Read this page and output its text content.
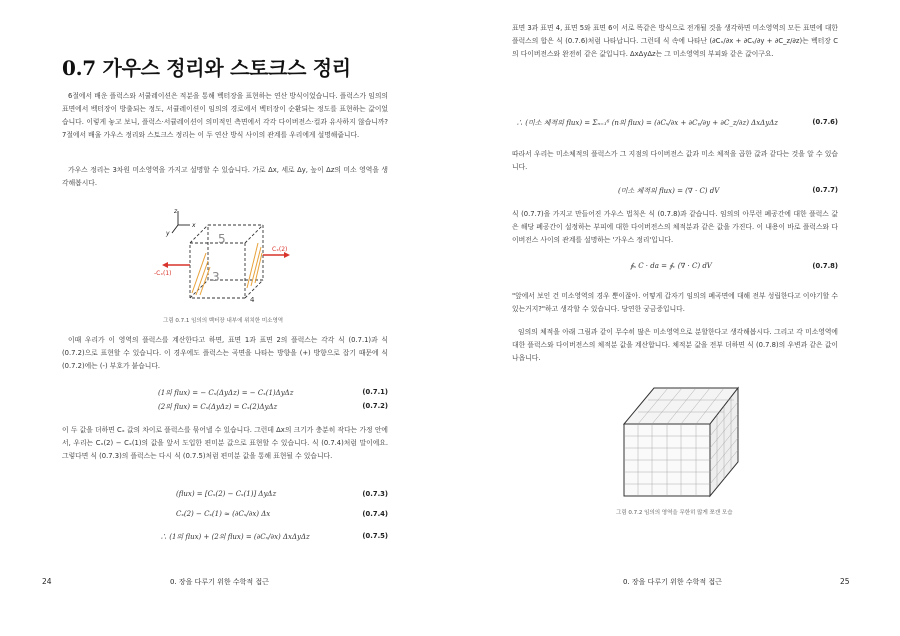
0.7 가우스 정리와 스토크스 정리
6절에서 배운 플럭스와 서큘레이션은 적분을 통해 벡터장을 표현하는 연산 방식이었습니다. 플럭스가 임의의 표면에서 벡터장이 방출되는 정도, 서큘레이션이 임의의 경로에서 벡터장이 순환되는 정도를 표현하는 값이었습니다. 이렇게 놓고 보니, 플럭스·서큘레이션이 의미적인 측면에서 각각 다이버전스·컬과 유사하지 않습니까? 7절에서 배울 가우스 정리와 스토크스 정리는 이 두 연산 방식 사이의 관계를 우리에게 설명해줍니다.
가우스 정리는 3차원 미소영역을 가지고 설명할 수 있습니다. 가로 Δx, 세로 Δy, 높이 Δz의 미소 영역을 생각해봅시다.
z
x
y	5
3
4
Cₓ(2)
-Cₓ(1)
그림 0.7.1 임의의 벡터장 내부에 위치한 미소영역
이때 우리가 이 영역의 플럭스를 계산한다고 하면, 표면 1과 표면 2의 플럭스는 각각 식 (0.7.1)과 식 (0.7.2)으로 표현할 수 있습니다. 이 경우에도 플럭스는 곡면을 나타는 방향을 (+) 방향으로 잡기 때문에 식 (0.7.2)에는 (-) 부호가 붙습니다.
(1의 flux) = − Cₓ(ΔyΔz) = − Cₓ(1)ΔyΔz	(0.7.1)
(2의 flux) = Cₓ(ΔyΔz) = Cₓ(2)ΔyΔz	(0.7.2)
이 두 값을 더하면 Cₓ 값의 차이로 플럭스를 묶어낼 수 있습니다. 그런데 Δx의 크기가 충분히 작다는 가정 안에서, 우리는 Cₓ(2) − Cₓ(1)의 값을 앞서 도입한 편미분 값으로 표현할 수 있습니다. 식 (0.7.4)처럼 말이에요. 그렇다면 식 (0.7.3)의 플럭스는 다시 식 (0.7.5)처럼 편미분 값을 통해 표현될 수 있습니다.
(flux) = [Cₓ(2) − Cₓ(1)] ΔyΔz	(0.7.3)
Cₓ(2) − Cₓ(1) ≈ (∂Cₓ/∂x) Δx	(0.7.4)
∴ (1의 flux) + (2의 flux) = (∂Cₓ/∂x) ΔxΔyΔz	(0.7.5)
24	0. 장을 다루기 위한 수학적 접근
표면 3과 표면 4, 표면 5와 표면 6이 서로 똑같은 방식으로 전개될 것을 생각하면 미소영역의 모든 표면에 대한 플럭스의 합은 식 (0.7.6)처럼 나타납니다. 그런데 식 속에 나타난 (∂Cₓ/∂x + ∂Cᵧ/∂y + ∂C_z/∂z)는 벡터장 C의 다이버전스와 완전히 같은 값입니다. ΔxΔyΔz는 그 미소영역의 부피와 같은 값이구요.
∴ (미소 체적의 flux) = Σₙ₌₁⁶ (n의 flux) = (∂Cₓ/∂x + ∂Cᵧ/∂y + ∂C_z/∂z) ΔxΔyΔz	(0.7.6)
따라서 우리는 미소체적의 플럭스가 그 지점의 다이버전스 값과 미소 체적을 곱한 값과 같다는 것을 알 수 있습니다.
(미소 체적의 flux) = (∇ · C) dV	(0.7.7)
식 (0.7.7)을 가지고 만들어진 가우스 법칙은 식 (0.7.8)과 같습니다. 임의의 아무런 폐공간에 대한 플럭스 값은 해당 폐공간이 설정하는 부피에 대한 다이버전스의 체적분과 같은 값을 가진다. 이 내용이 바로 플럭스와 다이버전스 사이의 관계를 설명하는 '가우스 정리'입니다.
∮ₛ C · da = ∮ᵥ (∇ · C) dV	(0.7.8)
"앞에서 보인 건 미소영역의 경우 뿐이잖아. 어떻게 갑자기 임의의 폐곡면에 대해 전부 성립한다고 이야기할 수 있는거지?"하고 생각할 수 있습니다. 당연한 궁금증입니다.
임의의 체적을 아래 그림과 같이 무수히 많은 미소영역으로 분할한다고 생각해봅시다. 그리고 각 미소영역에 대한 플럭스와 다이버전스의 체적분 값을 계산합니다. 체적분 값을 전부 더하면 식 (0.7.8)의 우변과 같은 값이 나옵니다.
그림 0.7.2 임의의 영역을 무한히 많게 쪼갠 모습
0. 장을 다루기 위한 수학적 접근	25
